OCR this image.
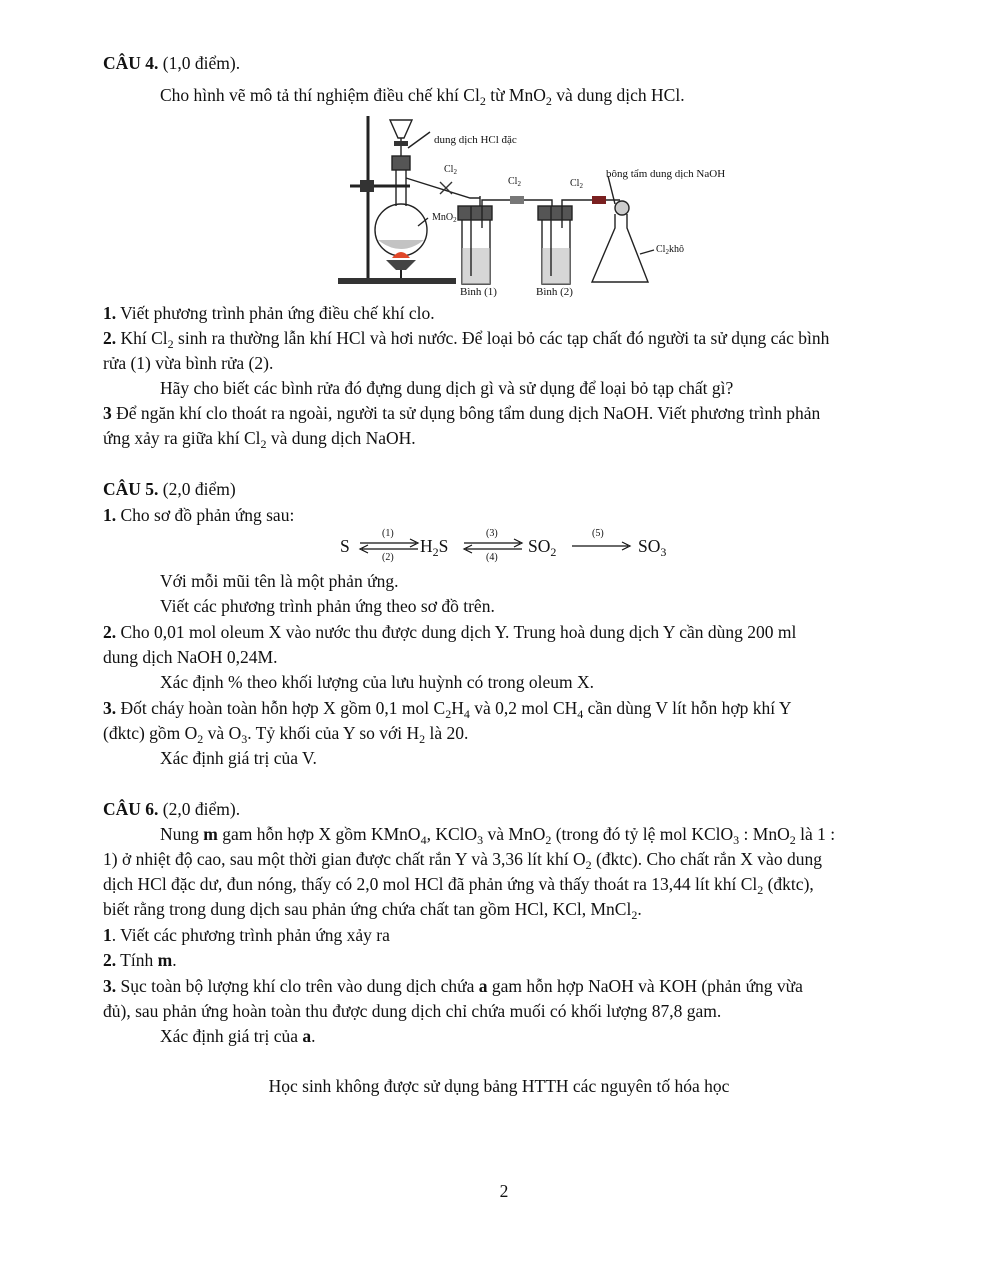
CÂU 4. (1,0 điểm).
Cho hình vẽ mô tả thí nghiệm điều chế khí $Cl_2$ từ MnO$_2$ và dung dịch HCl.
dung dịch HCl đặc
$Cl_2$
$Cl_2$	$Cl_2$
bông tẩm dung dịch NaOH
MnO$_2$
$Cl_2khô$
Bình (1)	Bình (2)
1. Viết phương trình phản ứng điều chế khí clo.
2. Khí $Cl_2$ sinh ra thường lẫn khí HCl và hơi nước. Để loại bỏ các tạp chất đó người ta sử dụng các bình
rửa (1) vừa bình rửa (2).
Hãy cho biết các bình rửa đó đựng dung dịch gì và sử dụng để loại bỏ tạp chất gì?
3 Để ngăn khí clo thoát ra ngoài, người ta sử dụng bông tẩm dung dịch NaOH. Viết phương trình phản
ứng xảy ra giữa khí $Cl_2$ và dung dịch NaOH.
CÂU 5. (2,0 điểm)
1. Cho sơ đồ phản ứng sau:
S
(1)
(2)
$H_2S$
(3)
(4)
$SO_2$
(5)
$SO_3$
Với mỗi mũi tên là một phản ứng.
Viết các phương trình phản ứng theo sơ đồ trên.
2. Cho 0,01 mol oleum X vào nước thu được dung dịch Y. Trung hoà dung dịch Y cần dùng 200 ml
dung dịch NaOH 0,24M.
Xác định % theo khối lượng của lưu huỳnh có trong oleum X.
3. Đốt cháy hoàn toàn hỗn hợp X gồm 0,1 mol $C_2H_4$ và 0,2 mol $CH_4$ cần dùng V lít hỗn hợp khí Y
(đktc) gồm $O_2$ và $O_3$. Tỷ khối của Y so với $H_2$ là 20.
Xác định giá trị của V.
CÂU 6. (2,0 điểm).
Nung m gam hỗn hợp X gồm KMnO$_4$, KClO$_3$ và MnO$_2$ (trong đó tỷ lệ mol KClO$_3$ : MnO$_2$ là 1 :
1) ở nhiệt độ cao, sau một thời gian được chất rắn Y và 3,36 lít khí $O_2$ (đktc). Cho chất rắn X vào dung
dịch HCl đặc dư, đun nóng, thấy có 2,0 mol HCl đã phản ứng và thấy thoát ra 13,44 lít khí $Cl_2$ (đktc),
biết rằng trong dung dịch sau phản ứng chứa chất tan gồm HCl, KCl, MnCl$_2$.
1. Viết các phương trình phản ứng xảy ra
2. Tính m.
3. Sục toàn bộ lượng khí clo trên vào dung dịch chứa a gam hỗn hợp NaOH và KOH (phản ứng vừa
đủ), sau phản ứng hoàn toàn thu được dung dịch chỉ chứa muối có khối lượng 87,8 gam.
Xác định giá trị của a.
Học sinh không được sử dụng bảng HTTH các nguyên tố hóa học
2
